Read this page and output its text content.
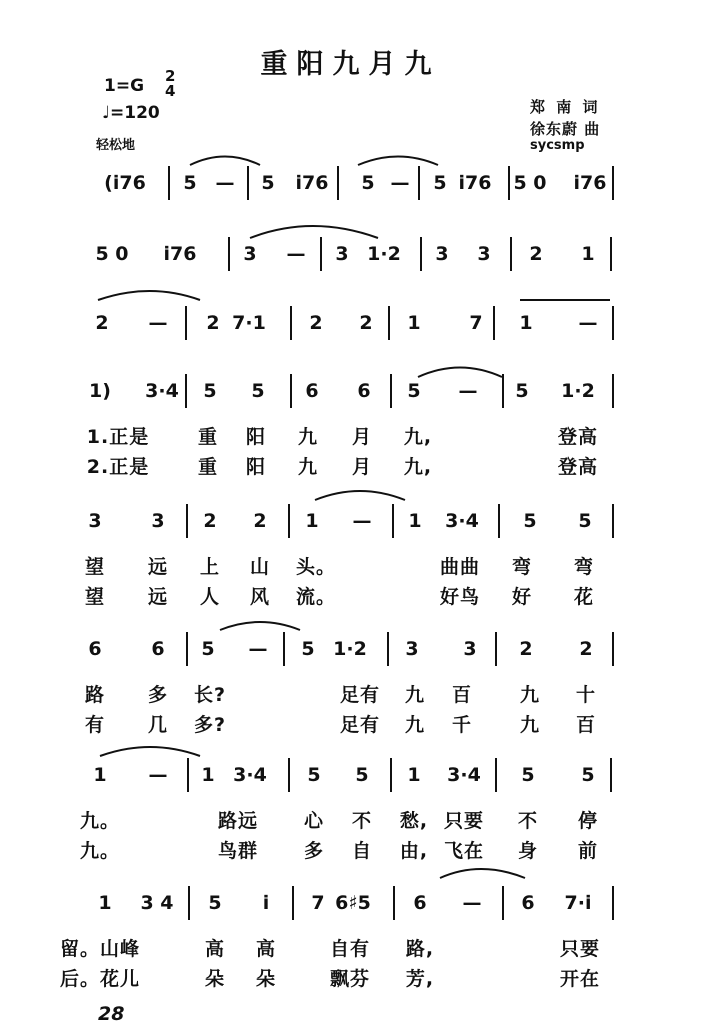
重阳九月九
1=G 2
4
♩=120
轻松地
郑 南 词
徐东蔚 曲
sycsmp
(i̇76 5 — 5 i̇76 5 — 5 i̇76 5 0 i̇76
5 0 i̇76 3 — 3 1·2 3 3 2 1
2 — 2 7·1 2 2 1	7 1 —
1) 3·4 5 5 6 6 5 — 5 1·2
1.正是	重 阳 九 月 九,	登高
2.正是	重 阳 九 月 九,	登高
3	3 2 2 1 — 1 3·4 5 5
望 远 上 山 头。	曲曲 弯 弯
望 远 人 风 流。	好鸟 好 花
6	6 5 — 5 1·2 3 3 2 2
路 多 长?	足有 九 百	九 十
有 几 多?	足有 九 千	九 百
1 — 1 3·4 5 5 1 3·4 5 5
九。	路远 心 不 愁, 只要 不 停
九。	鸟群 多 自 由, 飞在 身 前
1 3 4 5 i̇ 7 6♯5 6 — 6 7·i̇
留。山峰	高 高	自有 路,	只要
后。花儿	朵 朵	飘芬 芳,	开在
28
